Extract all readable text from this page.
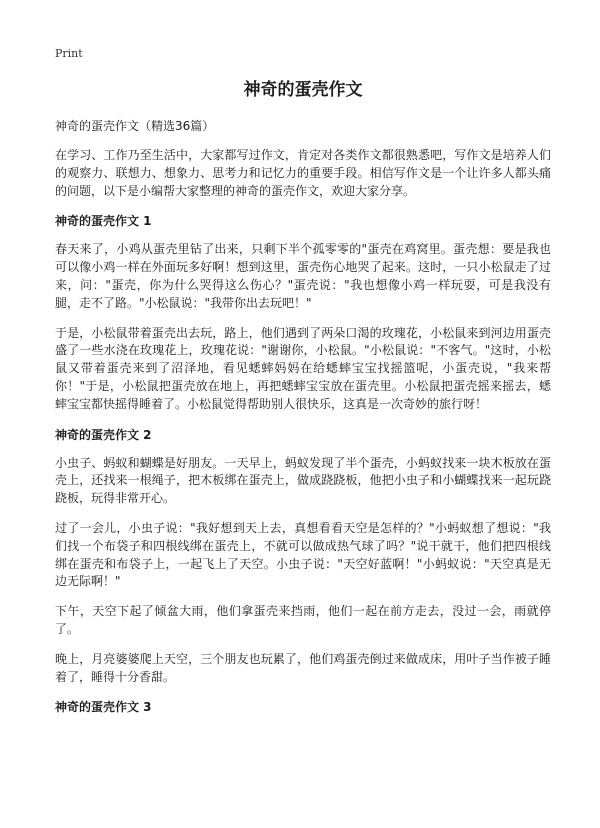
Print
神奇的蛋壳作文
神奇的蛋壳作文（精选36篇）

在学习、工作乃至生活中，大家都写过作文，肯定对各类作文都很熟悉吧，写作文是培养人们的观察力、联想力、想象力、思考力和记忆力的重要手段。相信写作文是一个让许多人都头痛的问题，以下是小编帮大家整理的神奇的蛋壳作文，欢迎大家分享。

神奇的蛋壳作文 1

春天来了，小鸡从蛋壳里钻了出来，只剩下半个孤零零的"蛋壳在鸡窝里。蛋壳想：要是我也可以像小鸡一样在外面玩多好啊！想到这里，蛋壳伤心地哭了起来。这时，一只小松鼠走了过来，问："蛋壳，你为什么哭得这么伤心？"蛋壳说："我也想像小鸡一样玩耍，可是我没有腿，走不了路。"小松鼠说："我带你出去玩吧！"

于是，小松鼠带着蛋壳出去玩，路上，他们遇到了两朵口渴的玫瑰花，小松鼠来到河边用蛋壳盛了一些水浇在玫瑰花上，玫瑰花说："谢谢你，小松鼠。"小松鼠说："不客气。"这时，小松鼠又带着蛋壳来到了沼泽地，看见蟋蟀妈妈在给蟋蟀宝宝找摇篮呢，小蛋壳说，"我来帮你！"于是，小松鼠把蛋壳放在地上，再把蟋蟀宝宝放在蛋壳里。小松鼠把蛋壳摇来摇去，蟋蟀宝宝都快摇得睡着了。小松鼠觉得帮助别人很快乐，这真是一次奇妙的旅行呀！

神奇的蛋壳作文 2

小虫子、蚂蚁和蝴蝶是好朋友。一天早上，蚂蚁发现了半个蛋壳，小蚂蚁找来一块木板放在蛋壳上，还找来一根绳子，把木板绑在蛋壳上，做成跷跷板，他把小虫子和小蝴蝶找来一起玩跷跷板，玩得非常开心。

过了一会儿，小虫子说："我好想到天上去，真想看看天空是怎样的？"小蚂蚁想了想说："我们找一个布袋子和四根线绑在蛋壳上，不就可以做成热气球了吗？"说干就干，他们把四根线绑在蛋壳和布袋子上，一起飞上了天空。小虫子说："天空好蓝啊！"小蚂蚁说："天空真是无边无际啊！"

下午，天空下起了倾盆大雨，他们拿蛋壳来挡雨，他们一起在前方走去，没过一会，雨就停了。

晚上，月亮婆婆爬上天空，三个朋友也玩累了，他们鸡蛋壳倒过来做成床，用叶子当作被子睡着了，睡得十分香甜。

神奇的蛋壳作文 3
